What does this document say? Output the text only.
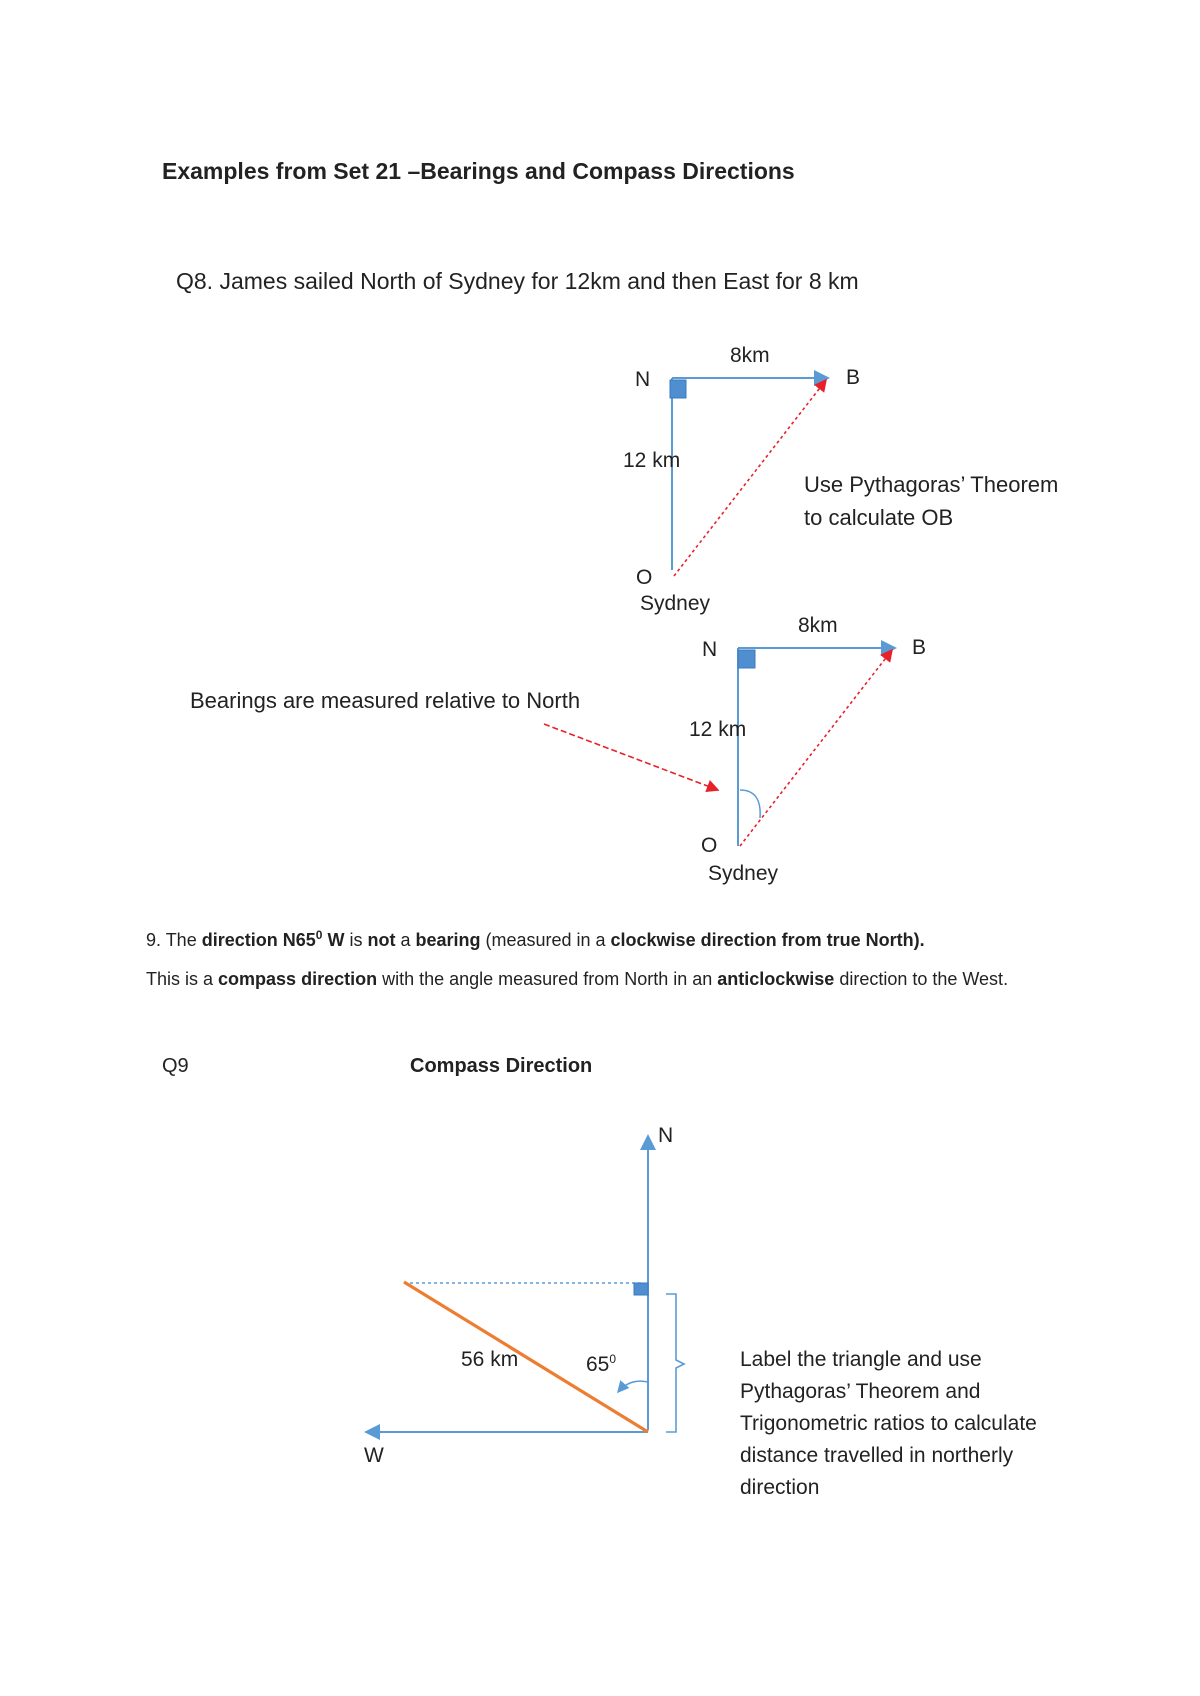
Examples from Set 21 –Bearings and Compass Directions
Q8. James sailed North of Sydney for 12km and then East for 8 km
N
8km
B
12 km
O
Sydney
Use Pythagoras’ Theorem to calculate OB
N
8km
B
12 km
O
Sydney
Bearings are measured relative to North
9. The direction $N65^0$ W is not a bearing (measured in a clockwise direction from true North).
This is a compass direction with the angle measured from North in an anticlockwise direction to the West.
Q9	Compass Direction
N
W
56 km	$65^0$	Label the triangle and use Pythagoras’ Theorem and Trigonometric ratios to calculate distance travelled in northerly direction
